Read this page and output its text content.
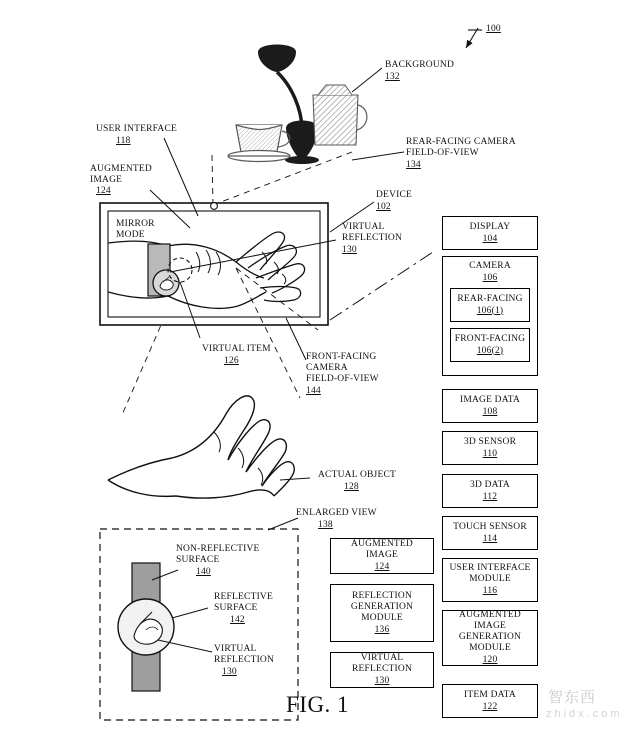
100
BACKGROUND
132
REAR-FACING CAMERA
FIELD-OF-VIEW
134
USER INTERFACE
118
AUGMENTED
IMAGE
124	DEVICE
102
VIRTUAL
REFLECTION
130
MIRROR
MODE
VIRTUAL ITEM
126	FRONT-FACING
CAMERA
FIELD-OF-VIEW
144
ACTUAL OBJECT
128
ENLARGED VIEW
138
NON-REFLECTIVE
SURFACE
140
REFLECTIVE
SURFACE
142
VIRTUAL
REFLECTION
130
DISPLAY
104
CAMERA
106
REAR-FACING
106(1)
FRONT-FACING
106(2)
IMAGE DATA
108
3D SENSOR
110
3D DATA
112
TOUCH SENSOR
114
USER INTERFACE MODULE
116
AUGMENTED IMAGE GENERATION MODULE
120
ITEM DATA
122
AUGMENTED IMAGE
124
REFLECTION GENERATION MODULE
136
VIRTUAL REFLECTION
130
FIG. 1	智东西
zhidx.com
